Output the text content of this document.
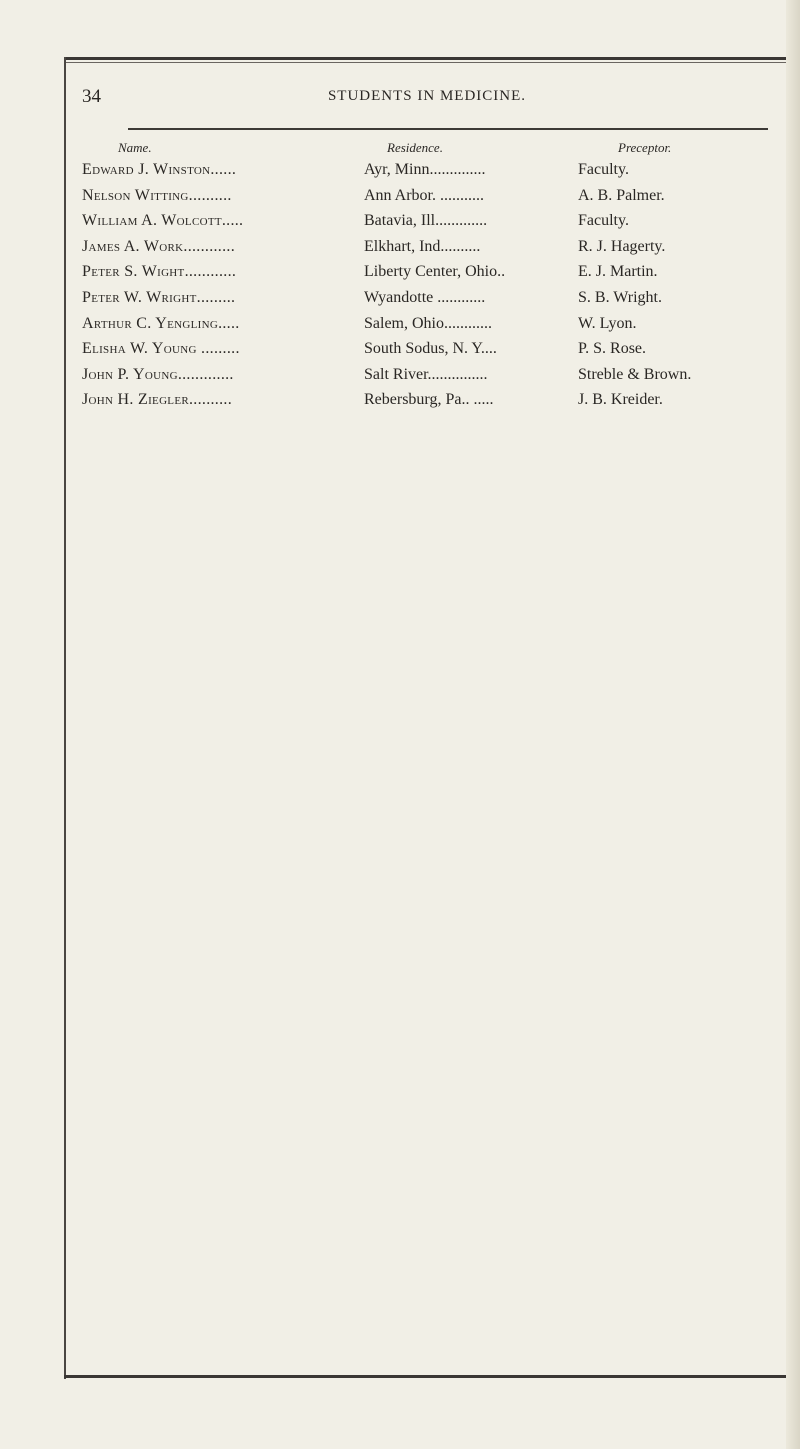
34	STUDENTS IN MEDICINE.
Name.	Residence.	Preceptor.
Edward J. Winston......	Ayr, Minn..............	Faculty.
Nelson Witting..........	Ann Arbor. ...........	A. B. Palmer.
William A. Wolcott.....	Batavia, Ill.............	Faculty.
James A. Work............	Elkhart, Ind..........	R. J. Hagerty.
Peter S. Wight............	Liberty Center, Ohio..	E. J. Martin.
Peter W. Wright.........	Wyandotte ............	S. B. Wright.
Arthur C. Yengling.....	Salem, Ohio............	W. Lyon.
Elisha W. Young .........	South Sodus, N. Y....	P. S. Rose.
John P. Young.............	Salt River...............	Streble & Brown.
John H. Ziegler..........	Rebersburg, Pa.. .....	J. B. Kreider.
